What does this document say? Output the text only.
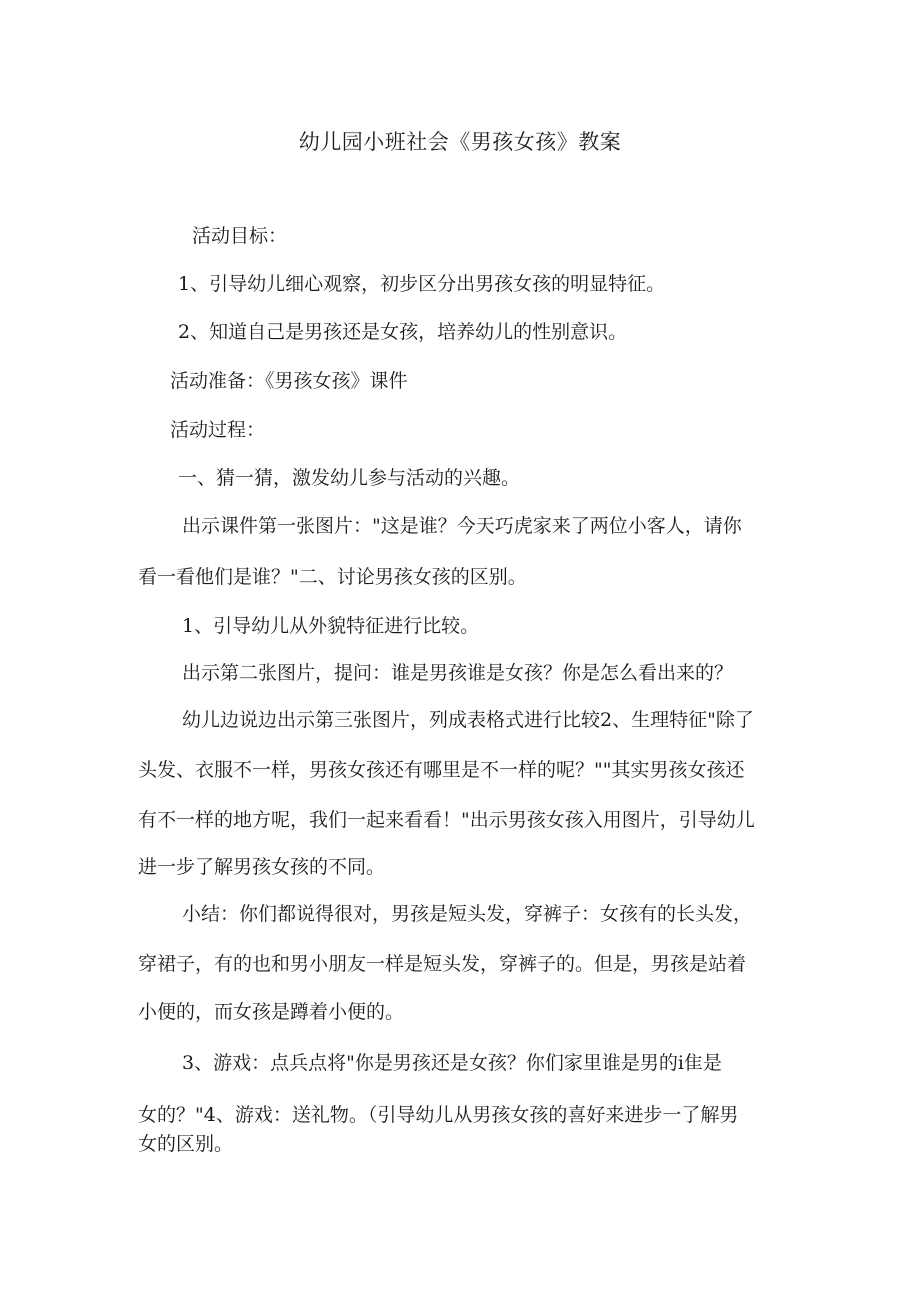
幼儿园小班社会《男孩女孩》教案
活动目标：
1、引导幼儿细心观察，初步区分出男孩女孩的明显特征。
2、知道自己是男孩还是女孩，培养幼儿的性别意识。
活动准备：《男孩女孩》课件
活动过程：
一、猜一猜，激发幼儿参与活动的兴趣。
出示课件第一张图片："这是谁？今天巧虎家来了两位小客人，请你
看一看他们是谁？"二、讨论男孩女孩的区别。
1、引导幼儿从外貌特征进行比较。
出示第二张图片，提问：谁是男孩谁是女孩？你是怎么看出来的？
幼儿边说边出示第三张图片，列成表格式进行比较2、生理特征"除了
头发、衣服不一样，男孩女孩还有哪里是不一样的呢？""其实男孩女孩还
有不一样的地方呢，我们一起来看看！"出示男孩女孩入用图片，引导幼儿
进一步了解男孩女孩的不同。
小结：你们都说得很对，男孩是短头发，穿裤子：女孩有的长头发，
穿裙子，有的也和男小朋友一样是短头发，穿裤子的。但是，男孩是站着
小便的，而女孩是蹲着小便的。
3、游戏：点兵点将"你是男孩还是女孩？你们家里谁是男的i隹是
女的？"4、游戏：送礼物。（引导幼儿从男孩女孩的喜好来进步一了解男
女的区别。
